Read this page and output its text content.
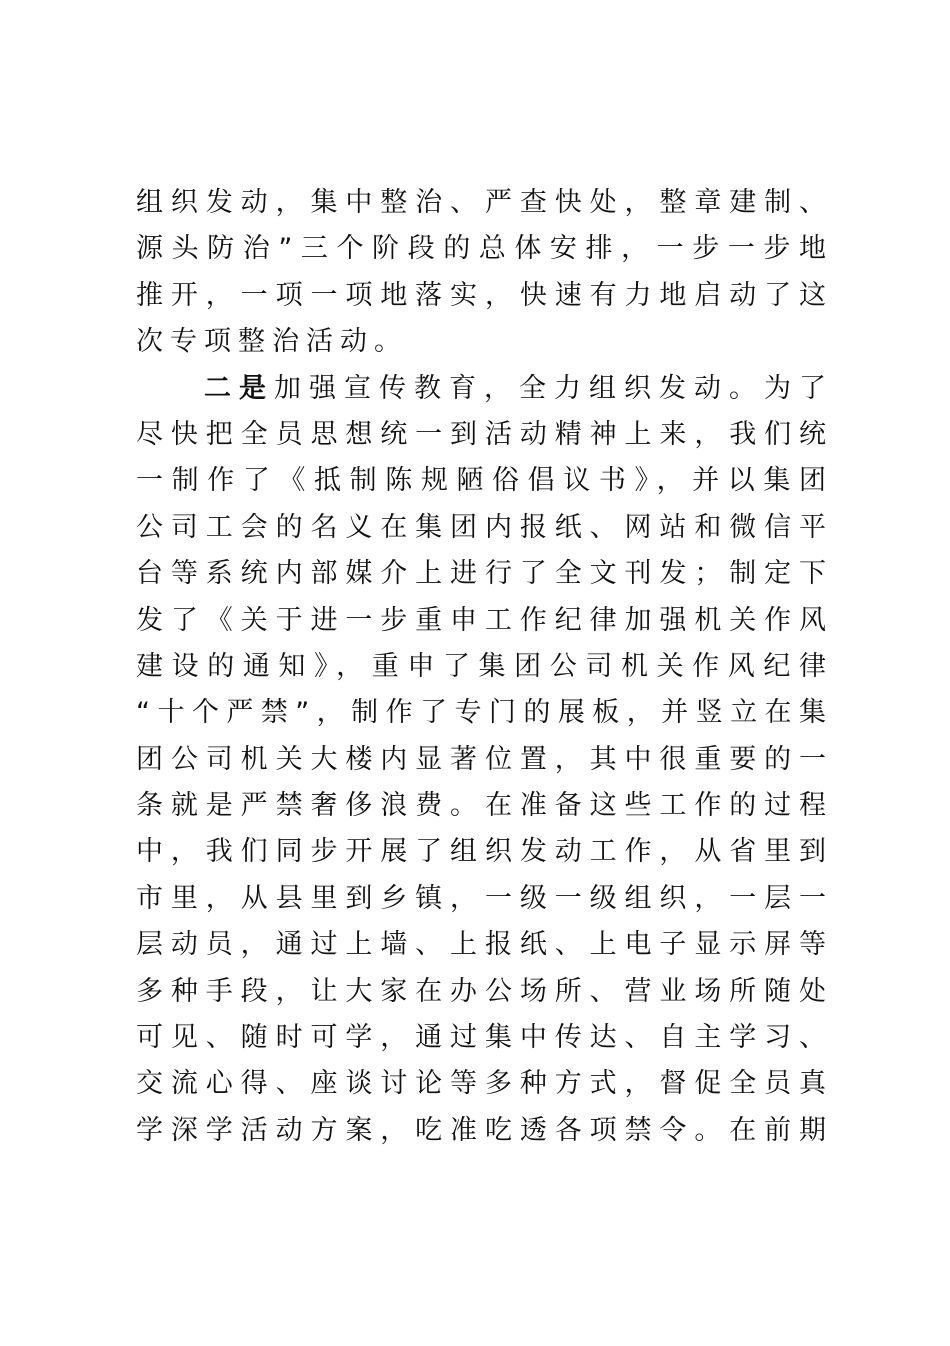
组织发动，集中整治、严查快处，整章建制、
源头防治”三个阶段的总体安排，一步一步地
推开，一项一项地落实，快速有力地启动了这
次专项整治活动。
二是加强宣传教育，全力组织发动。为了
尽快把全员思想统一到活动精神上来，我们统
一制作了《抵制陈规陋俗倡议书》，并以集团
公司工会的名义在集团内报纸、网站和微信平
台等系统内部媒介上进行了全文刊发；制定下
发了《关于进一步重申工作纪律加强机关作风
建设的通知》，重申了集团公司机关作风纪律
“十个严禁”，制作了专门的展板，并竖立在集
团公司机关大楼内显著位置，其中很重要的一
条就是严禁奢侈浪费。在准备这些工作的过程
中，我们同步开展了组织发动工作，从省里到
市里，从县里到乡镇，一级一级组织，一层一
层动员，通过上墙、上报纸、上电子显示屏等
多种手段，让大家在办公场所、营业场所随处
可见、随时可学，通过集中传达、自主学习、
交流心得、座谈讨论等多种方式，督促全员真
学深学活动方案，吃准吃透各项禁令。在前期
